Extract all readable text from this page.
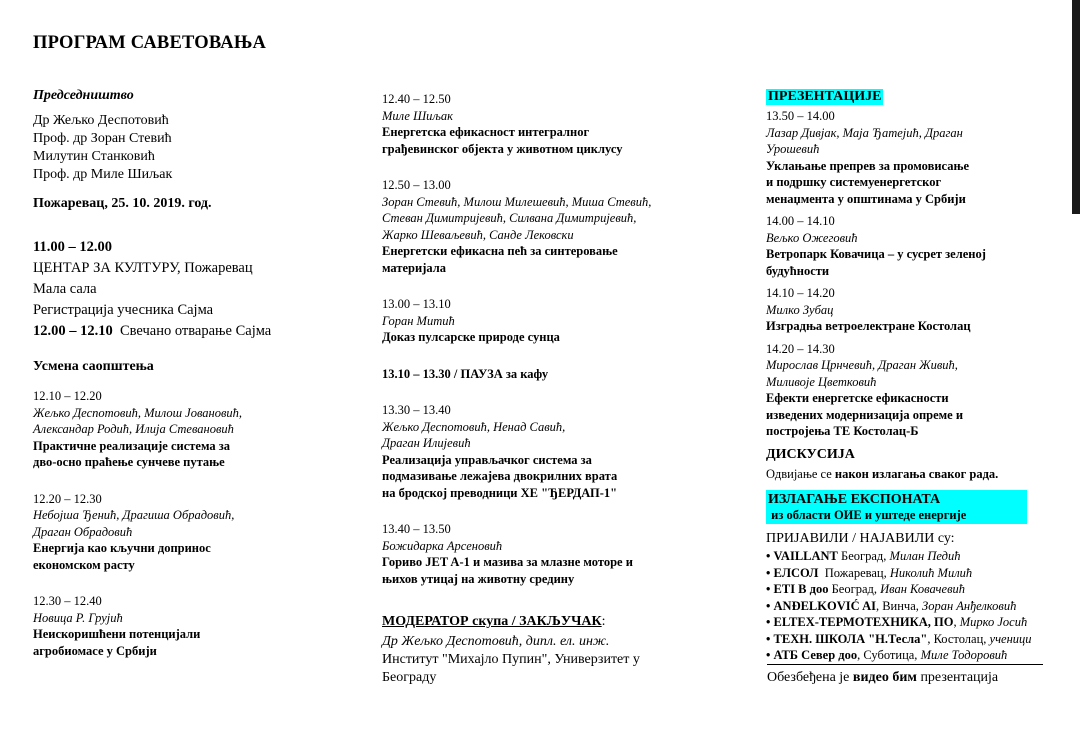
ПРОГРАМ САВЕТОВАЊА
Председништво
Др Жељко Деспотовић
Проф. др Зоран Стевић
Милутин Станковић
Проф. др Миле Шиљак
Пожаревац, 25. 10. 2019. год.
11.00 – 12.00
ЦЕНТАР ЗА КУЛТУРУ, Пожаревац
Мала сала
Регистрација учесника Сајма
12.00 – 12.10 Свечано отварање Сајма
Усмена саопштења
12.10 – 12.20
Жељко Деспотовић, Милош Јовановић,
Александар Родић, Илија Стевановић
Практичне реализације система за
дво-осно праћење сунчеве путање
12.20 – 12.30
Небојша Ђенић, Драгиша Обрадовић,
Драган Обрадовић
Енергија као кључни допринос
економском расту
12.30 – 12.40
Новица Р. Грујић
Неискоришћени потенцијали
агробиомасе у Србији
12.40 – 12.50
Миле Шиљак
Енергетска ефикасност интегралног
грађевинског објекта у животном циклусу
12.50 – 13.00
Зоран Стевић, Милош Милешевић, Миша Стевић,
Стеван Димитријевић, Силвана Димитријевић,
Жарко Шеваљевић, Санде Лековски
Енергетски ефикасна пећ за синтеровање
материјала
13.00 – 13.10
Горан Митић
Доказ пулсарске природе сунца
13.10 – 13.30 / ПАУЗА за кафу
13.30 – 13.40
Жељко Деспотовић, Ненад Савић,
Драган Илијевић
Реализација управљачког система за
подмазивање лежајева двокрилних врата
на бродској преводници ХЕ "ЂЕРДАП-1"
13.40 – 13.50
Божидарка Арсеновић
Гориво JET A-1 и мазива за млазне моторе и
њихов утицај на животну средину
МОДЕРАТОР скупа / ЗАКЉУЧАК:
Др Жељко Деспотовић, дипл. ел. инж.
Институт "Михајло Пупин", Универзитет у
Београду
ПРЕЗЕНТАЦИЈЕ
13.50 – 14.00
Лазар Дивјак, Маја Ђатејић, Драган
Урошевић
Уклањање препрев за промовисање
и подршку системуенергетског
менаџмента у општинама у Србији
14.00 – 14.10
Вељко Ожеговић
Ветропарк Ковачица – у сусрет зеленој
будућности
14.10 – 14.20
Милко Зубац
Изградња ветроелектране Костолац
14.20 – 14.30
Мирослав Црнчевић, Драган Живић,
Миливоје Цветковић
Ефекти енергетске ефикасности
изведених модернизација опреме и
постројења ТЕ Костолац-Б
ДИСКУСИЈА
Одвијање се након излагања сваког рада.
ИЗЛАГАЊЕ ЕКСПОНАТА
из области ОИЕ и уштеде енергије
ПРИЈАВИЛИ / НАЈАВИЛИ су:
• VAILLANT Београд, Милан Педић
• ЕЛСОЛ  Пожаревац, Николић Милић
• ETI B доо Београд, Иван Ковачевић
• ANĐELKOVIĆ AI, Винча, Зоран Анђелковић
• ELTEX-ТЕРМОТЕХНИКА, ПО, Мирко Јосић
• ТЕХН. ШКОЛА "Н.Тесла", Костолац, ученици
• АТБ Север доо, Суботица, Миле Тодоровић
Обезбеђена је видео бим презентација
